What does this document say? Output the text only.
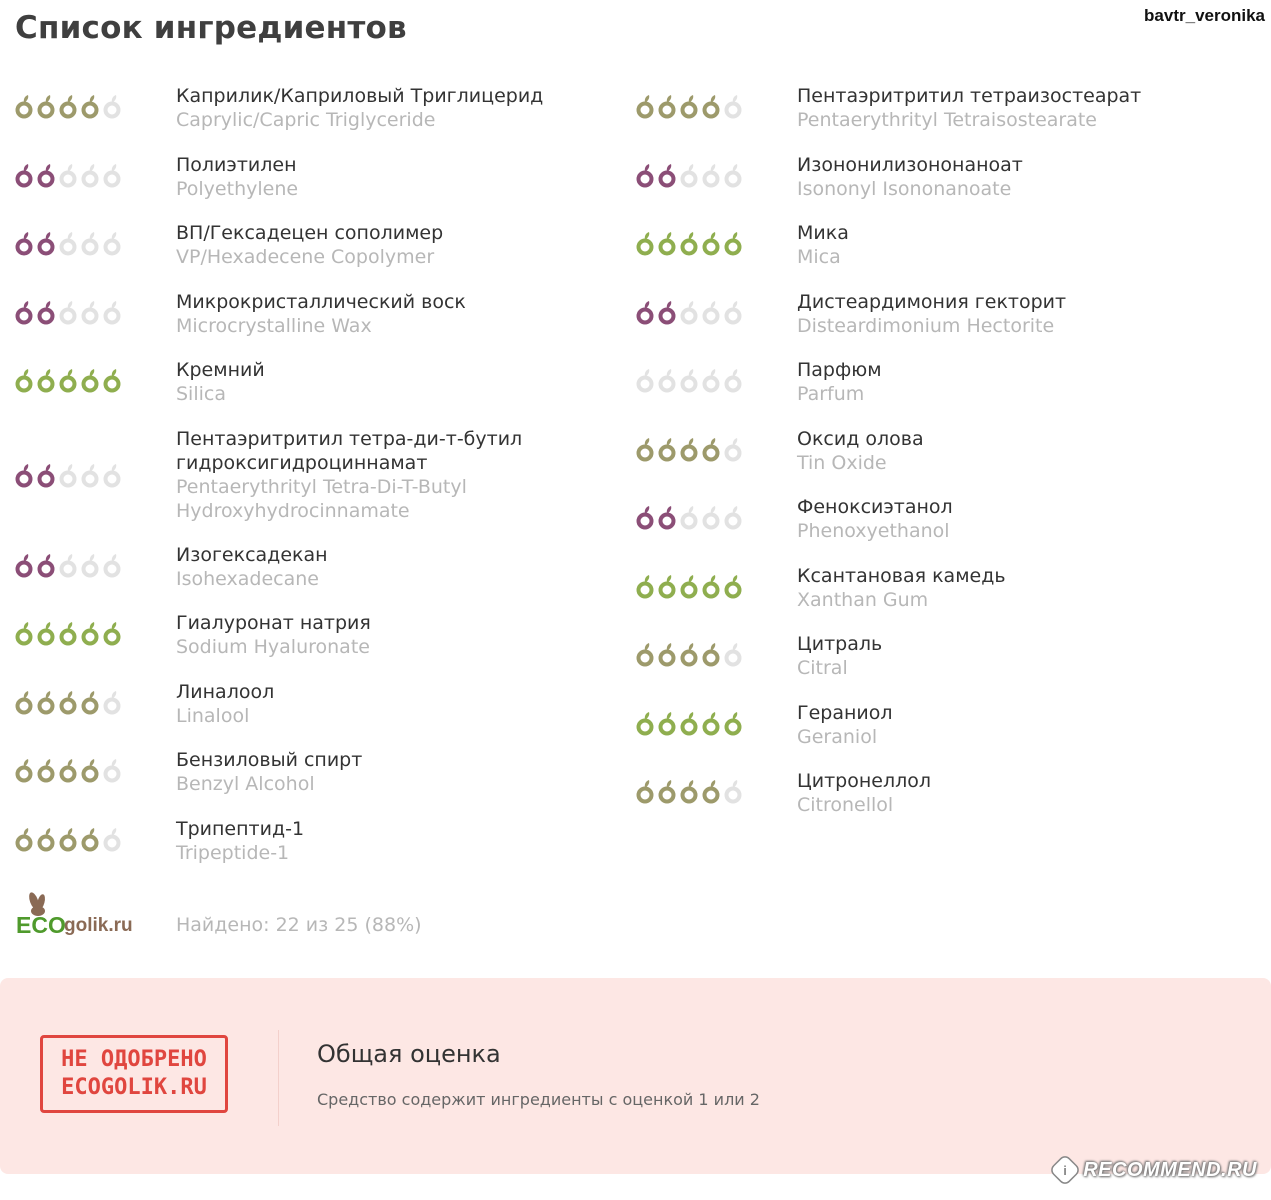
Список ингредиентов	bavtr_veronika
Каприлик/Каприловый Триглицерид
Caprylic/Capric Triglyceride
Полиэтилен
Polyethylene
ВП/Гексадецен сополимер
VP/Hexadecene Copolymer
Микрокристаллический воск
Microcrystalline Wax
Кремний
Silica
Пентаэритритил тетра-ди-т-бутил гидроксигидроциннамат
Pentaerythrityl Tetra-Di-T-Butyl Hydroxyhydrocinnamate
Изогексадекан
Isohexadecane
Гиалуронат натрия
Sodium Hyaluronate
Линалоол
Linalool
Бензиловый спирт
Benzyl Alcohol
Трипептид-1
Tripeptide-1
Пентаэритритил тетраизостеарат
Pentaerythrityl Tetraisostearate
Изононилизононаноат
Isononyl Isononanoate
Мика
Mica
Дистеардимония гекторит
Disteardimonium Hectorite
Парфюм
Parfum
Оксид олова
Tin Oxide
Феноксиэтанол
Phenoxyethanol
Ксантановая камедь
Xanthan Gum
Цитраль
Citral
Гераниол
Geraniol
Цитронеллол
Citronellol
ECO
golik.ru Найдено: 22 из 25 (88%)
НЕ ОДОБРЕНО
ECOGOLIK.RU
Общая оценка
Средство содержит ингредиенты с оценкой 1 или 2
i RECOMMEND.RU
